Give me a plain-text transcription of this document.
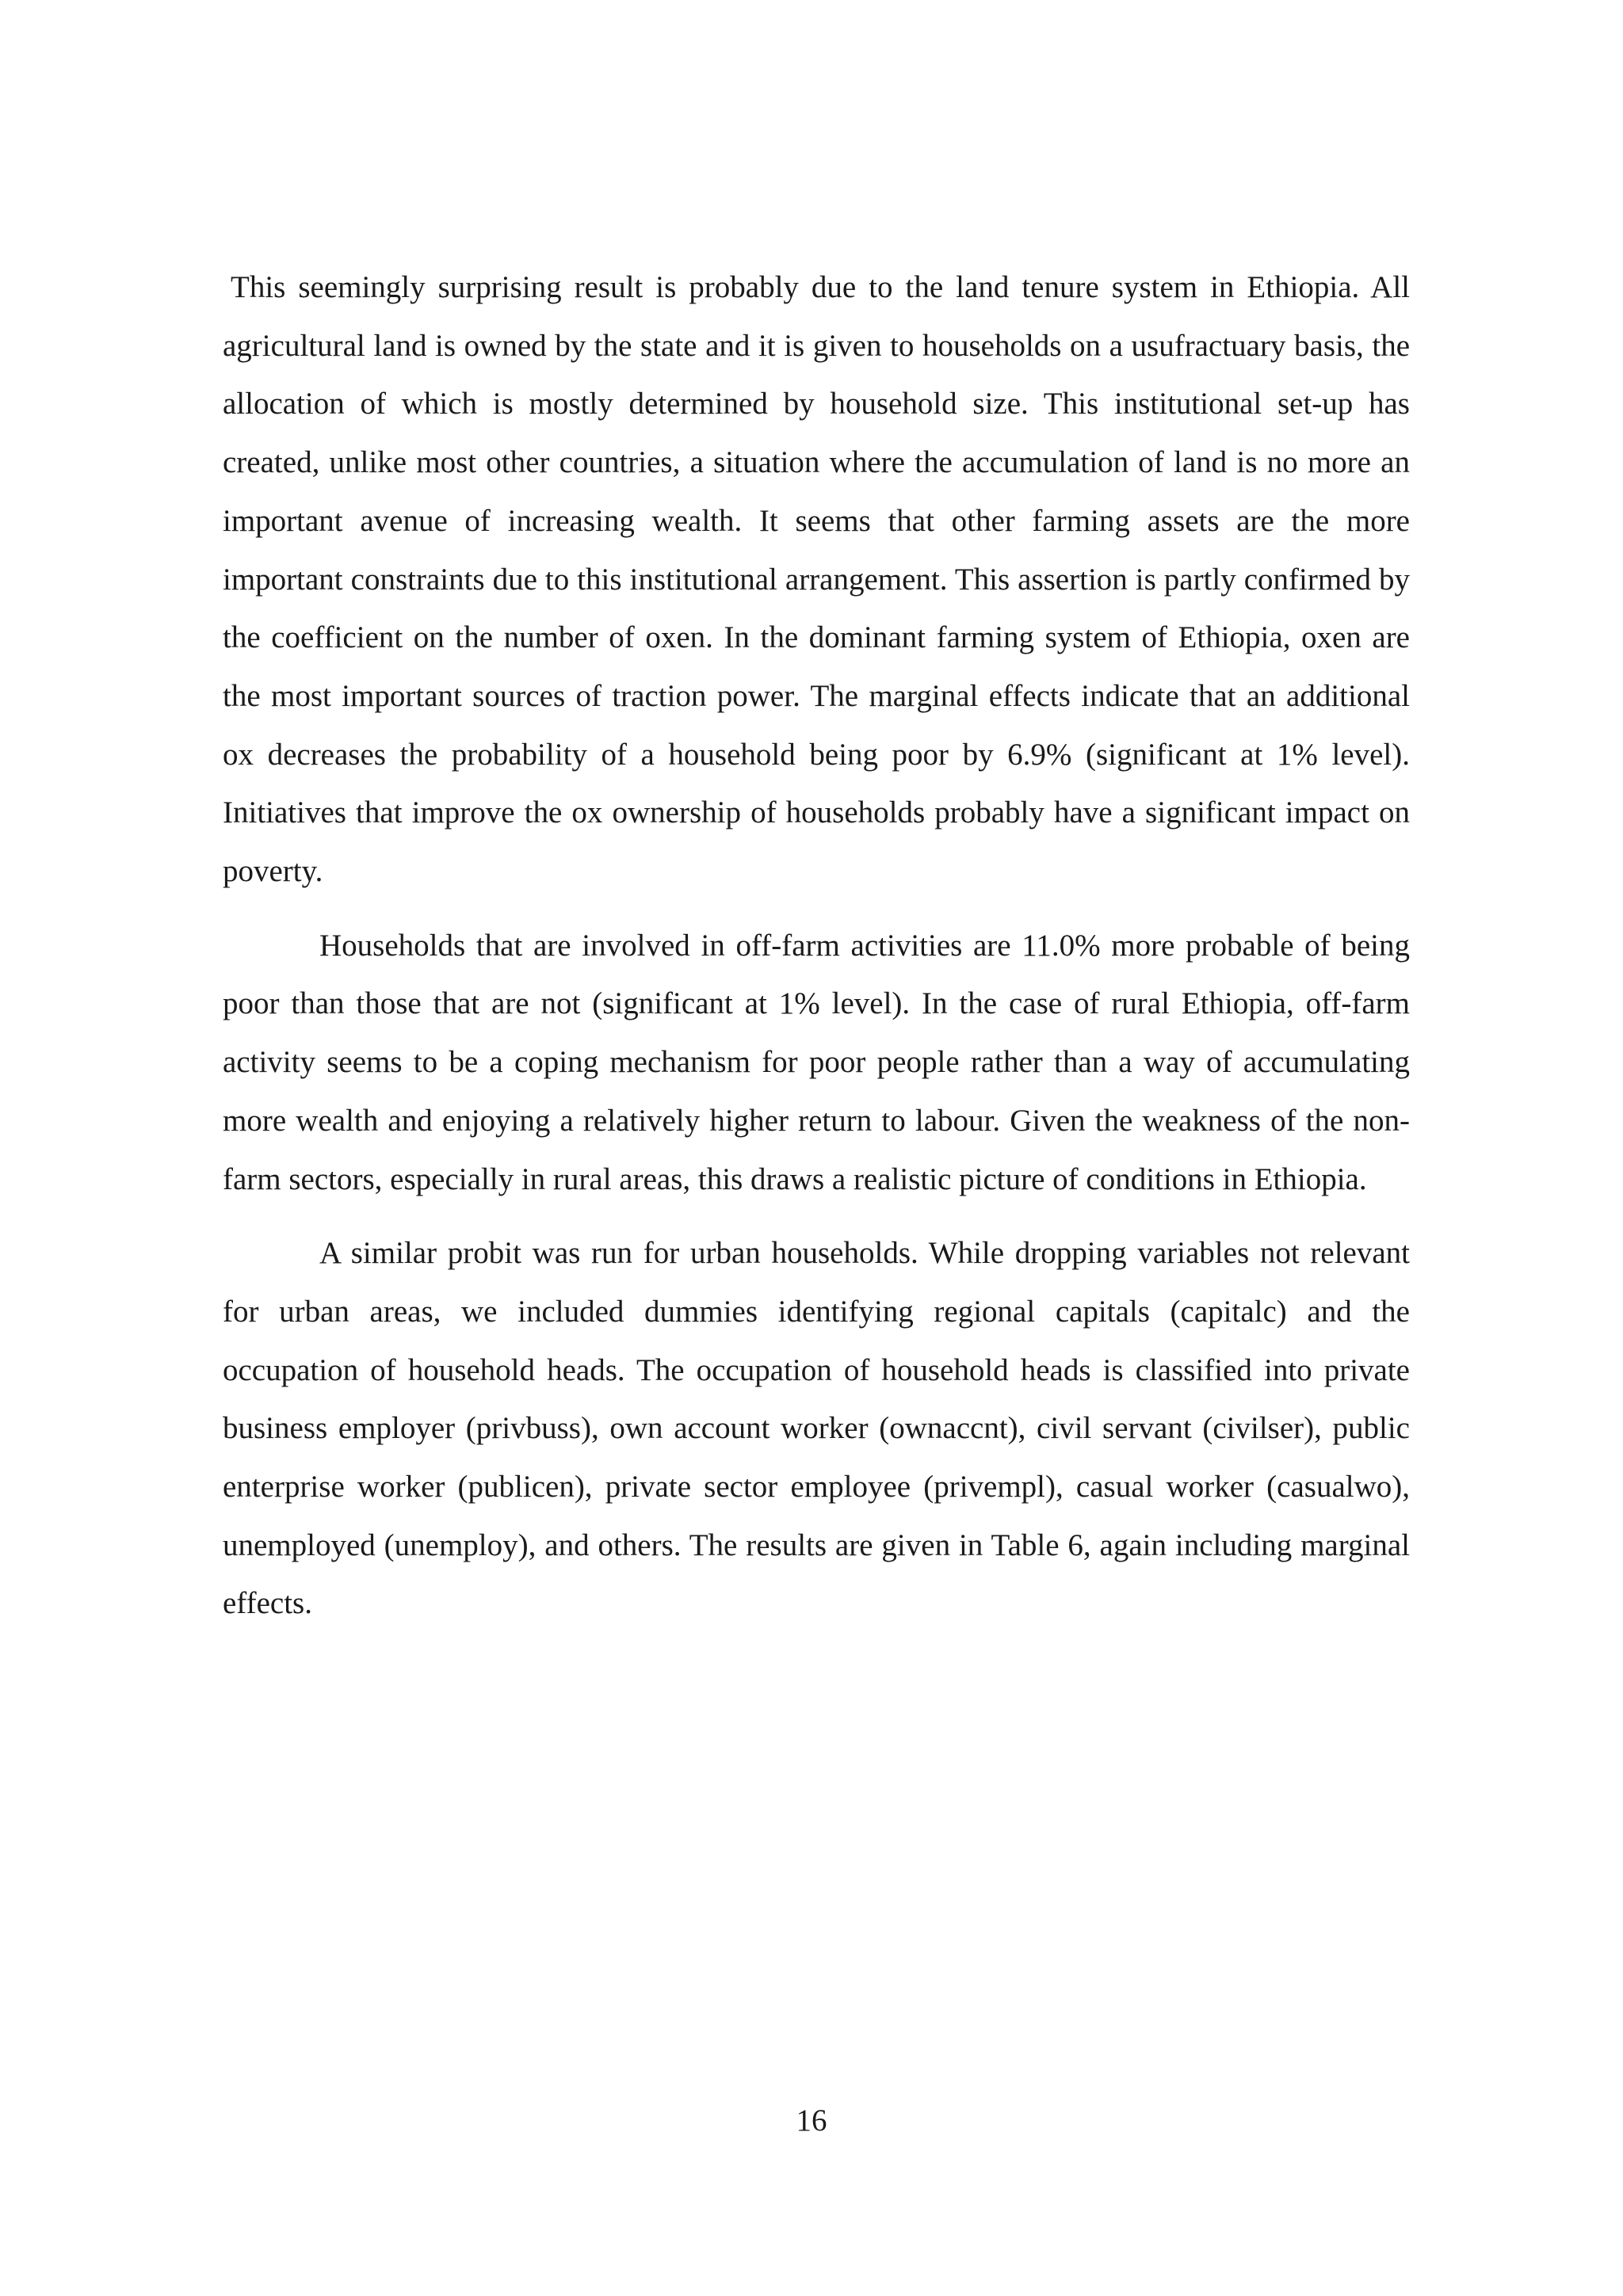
This seemingly surprising result is probably due to the land tenure system in Ethiopia. All agricultural land is owned by the state and it is given to households on a usufractuary basis, the allocation of which is mostly determined by household size. This institutional set-up has created, unlike most other countries, a situation where the accumulation of land is no more an important avenue of increasing wealth. It seems that other farming assets are the more important constraints due to this institutional arrangement. This assertion is partly confirmed by the coefficient on the number of oxen. In the dominant farming system of Ethiopia, oxen are the most important sources of traction power. The marginal effects indicate that an additional ox decreases the probability of a household being poor by 6.9% (significant at 1% level). Initiatives that improve the ox ownership of households probably have a significant impact on poverty.

Households that are involved in off-farm activities are 11.0% more probable of being poor than those that are not (significant at 1% level). In the case of rural Ethiopia, off-farm activity seems to be a coping mechanism for poor people rather than a way of accumulating more wealth and enjoying a relatively higher return to labour. Given the weakness of the non-farm sectors, especially in rural areas, this draws a realistic picture of conditions in Ethiopia.

A similar probit was run for urban households. While dropping variables not relevant for urban areas, we included dummies identifying regional capitals (capitalc) and the occupation of household heads. The occupation of household heads is classified into private business employer (privbuss), own account worker (ownaccnt), civil servant (civilser), public enterprise worker (publicen), private sector employee (privempl), casual worker (casualwo), unemployed (unemploy), and others. The results are given in Table 6, again including marginal effects.

16
